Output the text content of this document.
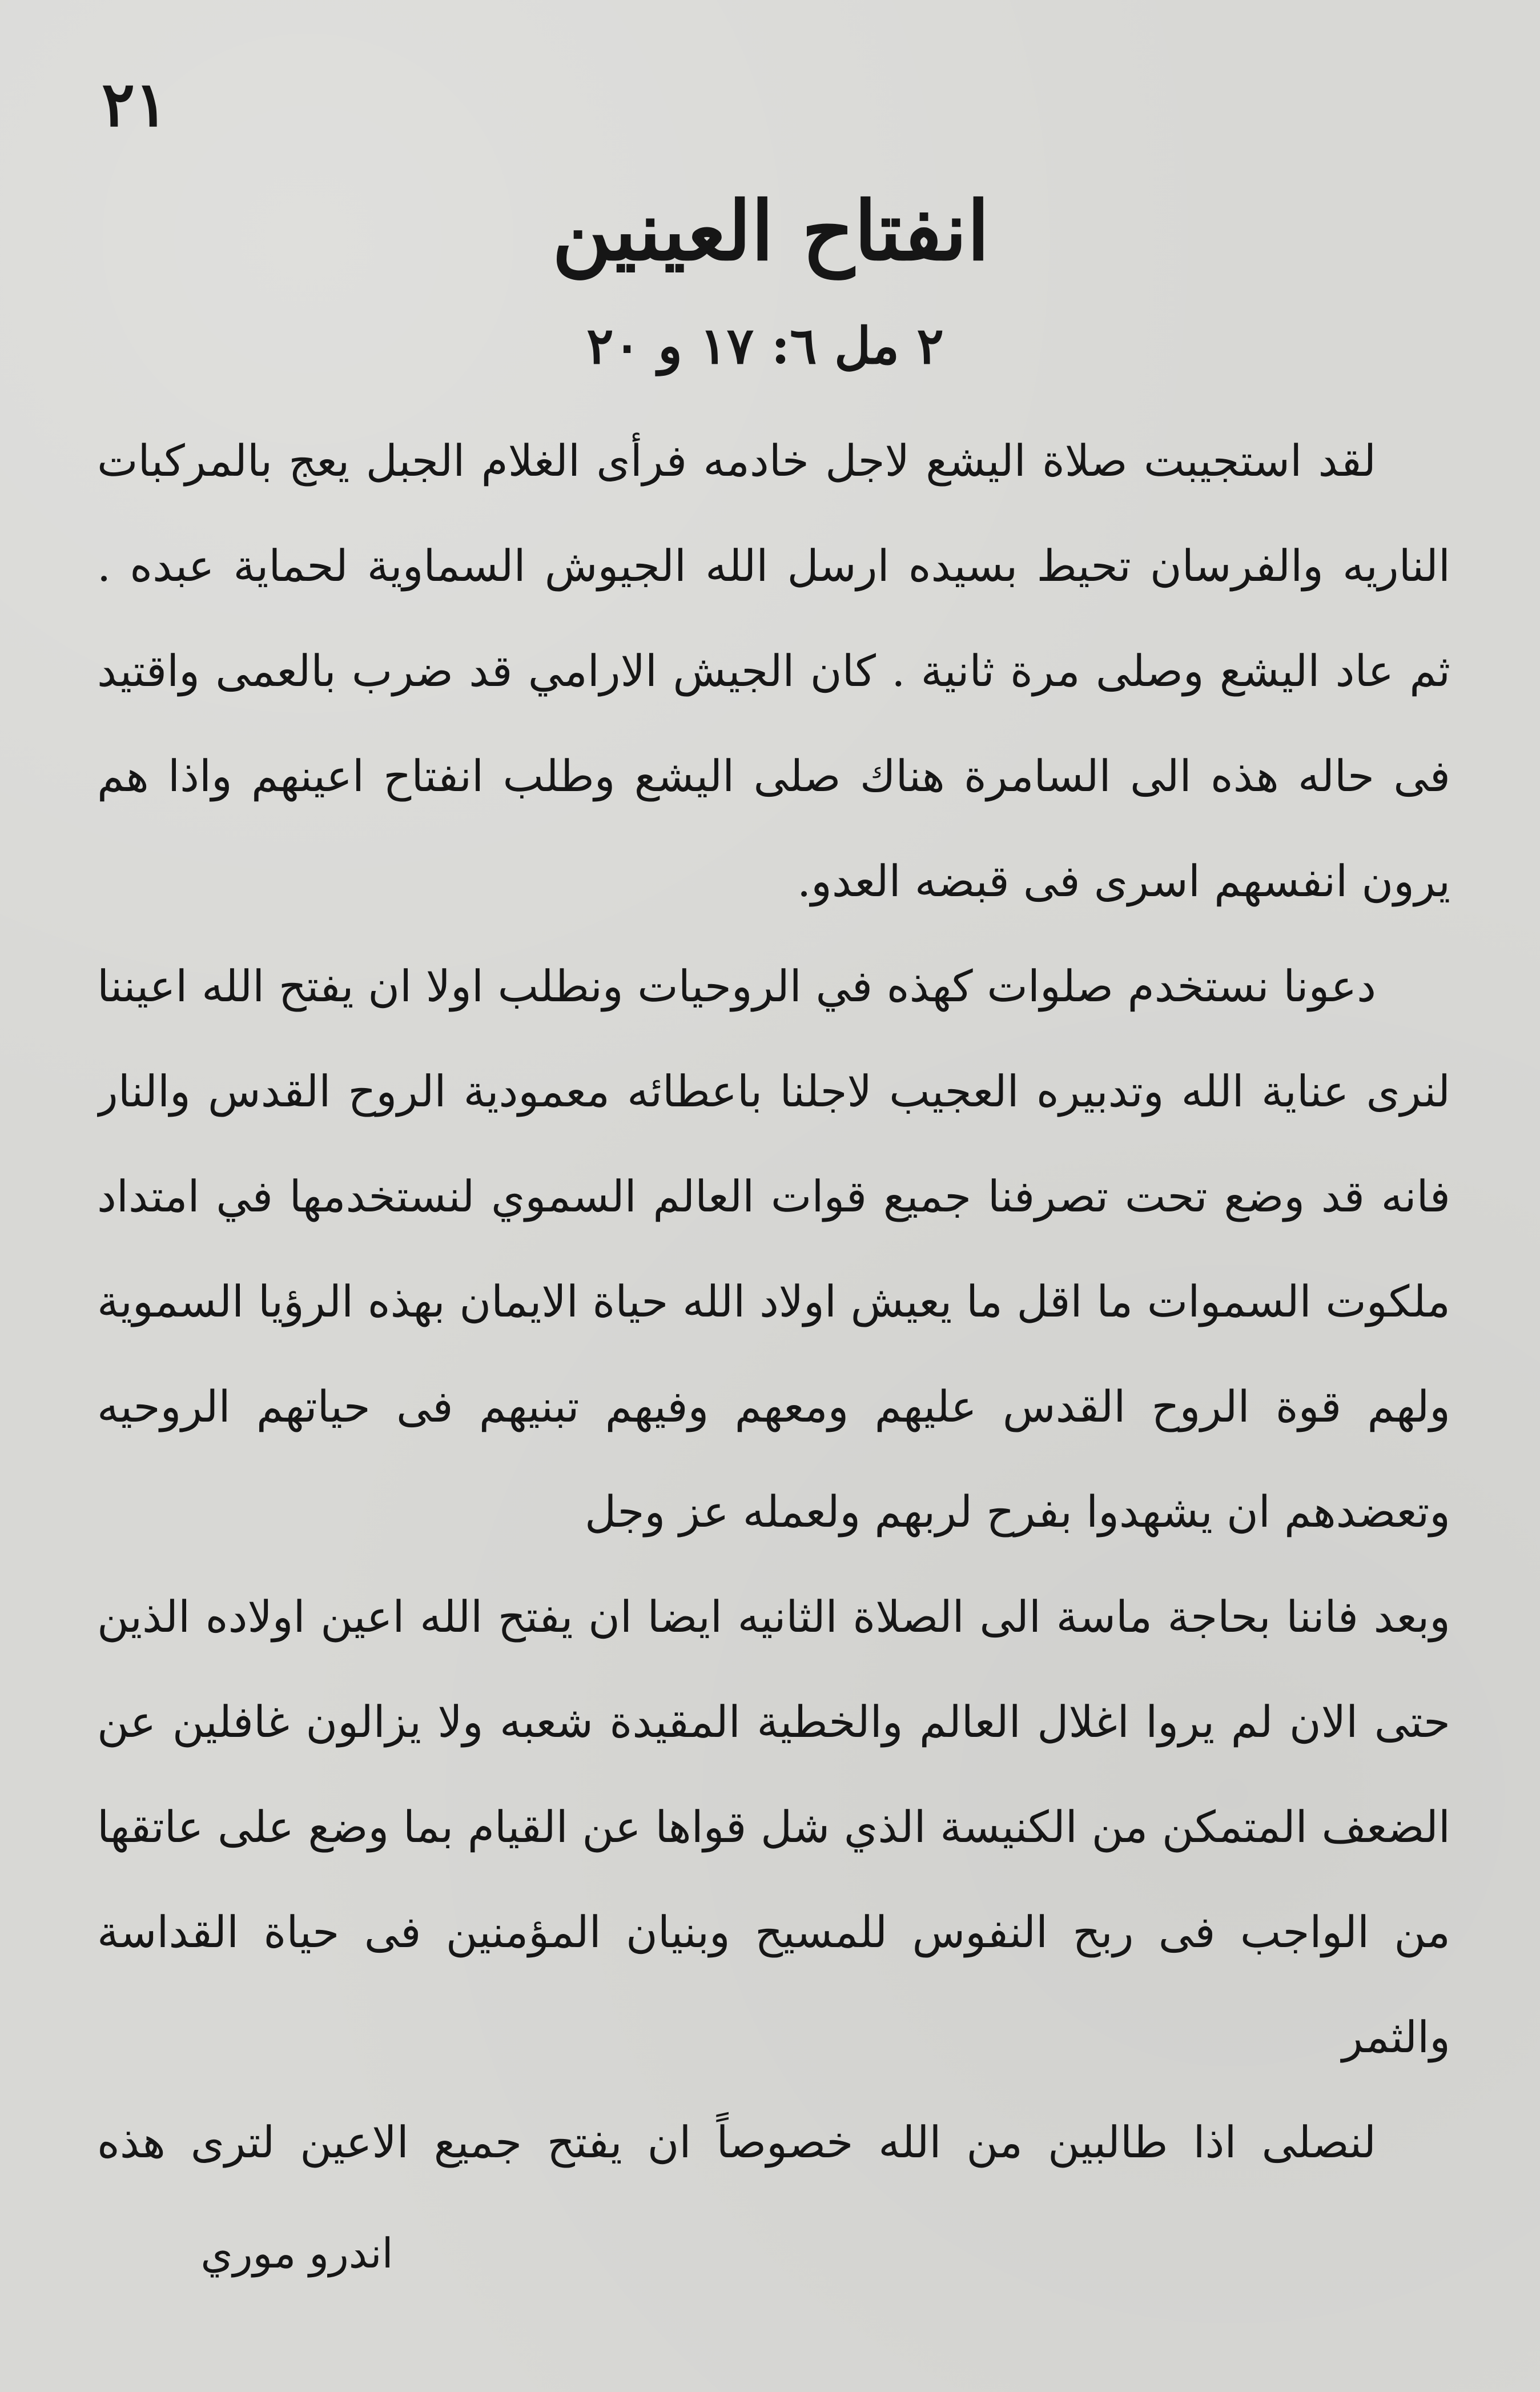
٢١
انفتاح العينين
٢ مل ٦: ١٧ و ٢٠

لقد استجيبت صلاة اليشع لاجل خادمه فرأى الغلام الجبل يعج بالمركبات الناريه والفرسان تحيط بسيده ارسل الله الجيوش السماوية لحماية عبده . ثم عاد اليشع وصلى مرة ثانية . كان الجيش الارامي قد ضرب بالعمى واقتيد فى حاله هذه الى السامرة هناك صلى اليشع وطلب انفتاح اعينهم واذا هم يرون انفسهم اسرى فى قبضه العدو.

دعونا نستخدم صلوات كهذه في الروحيات ونطلب اولا ان يفتح الله اعيننا لنرى عناية الله وتدبيره العجيب لاجلنا باعطائه معمودية الروح القدس والنار فانه قد وضع تحت تصرفنا جميع قوات العالم السموي لنستخدمها في امتداد ملكوت السموات ما اقل ما يعيش اولاد الله حياة الايمان بهذه الرؤيا السموية ولهم قوة الروح القدس عليهم ومعهم وفيهم تبنيهم فى حياتهم الروحيه وتعضدهم ان يشهدوا بفرح لربهم ولعمله عز وجل

وبعد فاننا بحاجة ماسة الى الصلاة الثانيه ايضا ان يفتح الله اعين اولاده الذين حتى الان لم يروا اغلال العالم والخطية المقيدة شعبه ولا يزالون غافلين عن الضعف المتمكن من الكنيسة الذي شل قواها عن القيام بما وضع على عاتقها من الواجب فى ربح النفوس للمسيح وبنيان المؤمنين فى حياة القداسة والثمر

لنصلى اذا طالبين من الله خصوصاً ان يفتح جميع الاعين لترى هذه

اندرو موري
